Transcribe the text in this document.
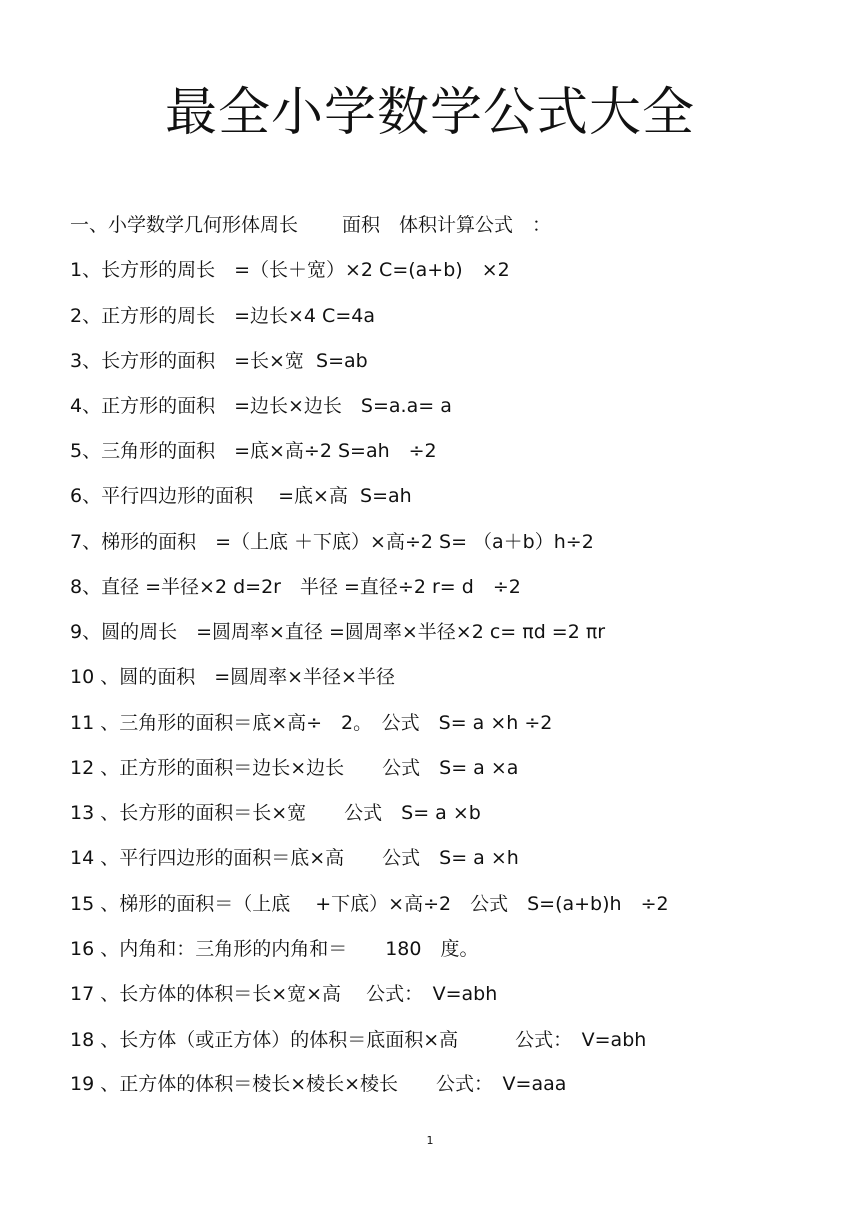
最全小学数学公式大全
一、小学数学几何形体周长　　 面积　体积计算公式　：
1、长方形的周长　=（长＋宽）×2 C=(a+b)　×2
2、正方形的周长　=边长×4 C=4a
3、长方形的面积　=长×宽  S=ab
4、正方形的面积　=边长×边长　S=a.a= a
5、三角形的面积　=底×高÷2 S=ah　÷2
6、平行四边形的面积　 =底×高  S=ah
7、梯形的面积　=（上底 ＋下底）×高÷2 S= （a＋b）h÷2
8、直径 =半径×2 d=2r　半径 =直径÷2 r= d　÷2
9、圆的周长　=圆周率×直径 =圆周率×半径×2 c= πd =2 πr
10 、圆的面积　=圆周率×半径×半径
11 、三角形的面积＝底×高÷　2。　公式　S= a ×h ÷2
12 、正方形的面积＝边长×边长　　公式　S= a ×a
13 、长方形的面积＝长×宽　　公式　S= a ×b
14 、平行四边形的面积＝底×高　　公式　S= a ×h
15 、梯形的面积＝（上底　 +下底）×高÷2　公式　S=(a+b)h　÷2
16 、内角和：三角形的内角和＝　　180　度。
17 、长方体的体积＝长×宽×高　 公式：　V=abh
18 、长方体（或正方体）的体积＝底面积×高　　　公式：　V=abh
19 、正方体的体积＝棱长×棱长×棱长　　公式：　V=aaa
1
